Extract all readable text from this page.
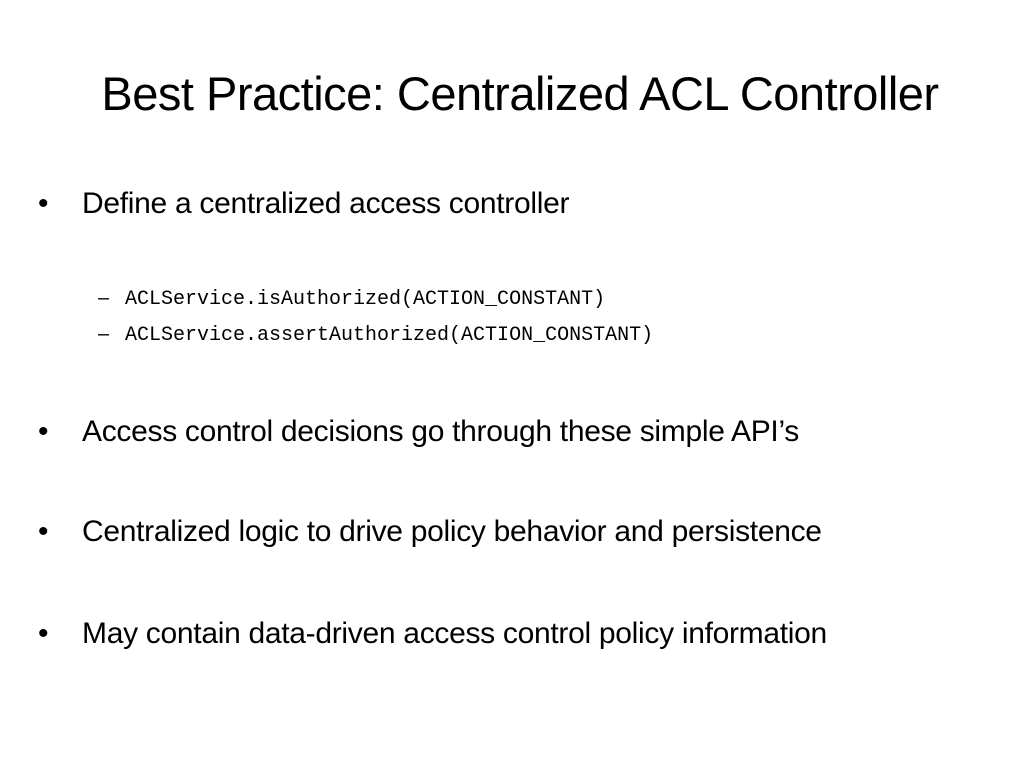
Best Practice: Centralized ACL Controller
•	Define a centralized access controller
– ACLService.isAuthorized(ACTION_CONSTANT)
– ACLService.assertAuthorized(ACTION_CONSTANT)
•	Access control decisions go through these simple API’s
•	Centralized logic to drive policy behavior and persistence
•	May contain data-driven access control policy information
